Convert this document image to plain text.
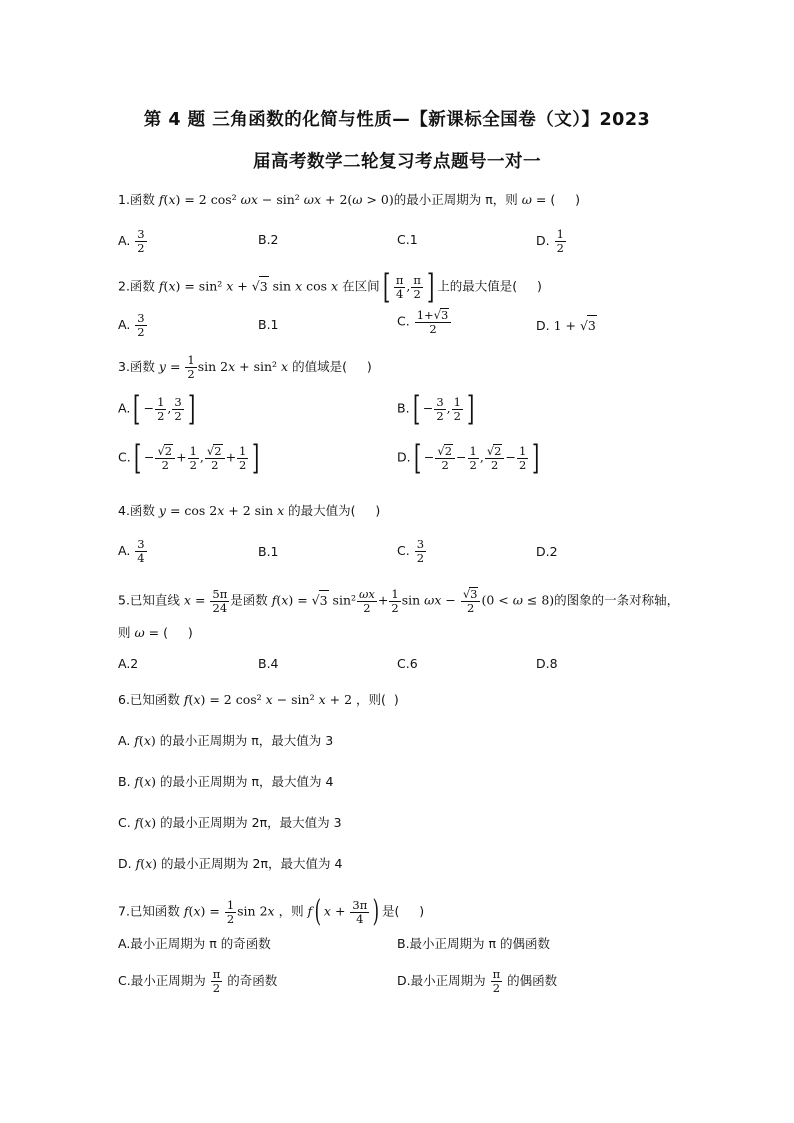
第 4 题 三角函数的化简与性质—【新课标全国卷（文）】2023
届高考数学二轮复习考点题号一对一
1.函数 f(x) = 2 cos² ωx − sin² ωx + 2(ω > 0)的最小正周期为 π，则 ω = (     )
A. $\frac{3}{2}$	B.2	C.1	D. $\frac{1}{2}$
2.函数 f(x) = sin² x + √3 sin x cos x 在区间[ $\frac{\pi}{4}$ , $\frac{\pi}{2}$ ] 上的最大值是(     )
A. $\frac{3}{2}$	B.1	C. $\frac{1+√3}{2}$	D. 1 + √3
3.函数 $y = \frac{1}{2}$ sin 2x + sin² x 的值域是(     )
$A.[ - \frac{1}{2}$ , $\frac{3}{2}$ ]	$B.[ - \frac{3}{2}$ , $\frac{1}{2}$ ]
$C.[ - \frac{√2}{2} + \frac{1}{2}$ , $\frac{√2}{2} + \frac{1}{2}$ ]	$D.[ - \frac{√2}{2} - \frac{1}{2}$ , $\frac{√2}{2} - \frac{1}{2}$ ]
4.函数 y = cos 2x + 2 sin x 的最大值为(     )
A. $\frac{3}{4}$	B.1	C. $\frac{3}{2}$	D.2
5.已知直线 $x = \frac{5\pi}{24}$ 是函数 f(x) = √3 $\sin^2 \frac{\omega x}{2} + \frac{1}{2}$ $\sin \omega x - \frac{√3}{2} (0 < \omega \le 8)$的图象的一条对称轴，
则 ω = (     )
A.2	B.4	C.6	D.8
6.已知函数 f(x) = 2 cos² x − sin² x + 2 ，则(  )
A. f(x) 的最小正周期为 π，最大值为 3
B. f(x) 的最小正周期为 π，最大值为 4
C. f(x) 的最小正周期为 2π，最大值为 3
D. f(x) 的最小正周期为 2π，最大值为 4
7.已知函数 $f(x) = \frac{1}{2}$ sin 2x ，则 f( $x + \frac{3\pi}{4}$ ) 是(     )
A.最小正周期为 π 的奇函数	B.最小正周期为 π 的偶函数
C.最小正周期为 $\frac{\pi}{2}$ 的奇函数	D.最小正周期为 $\frac{\pi}{2}$ 的偶函数
